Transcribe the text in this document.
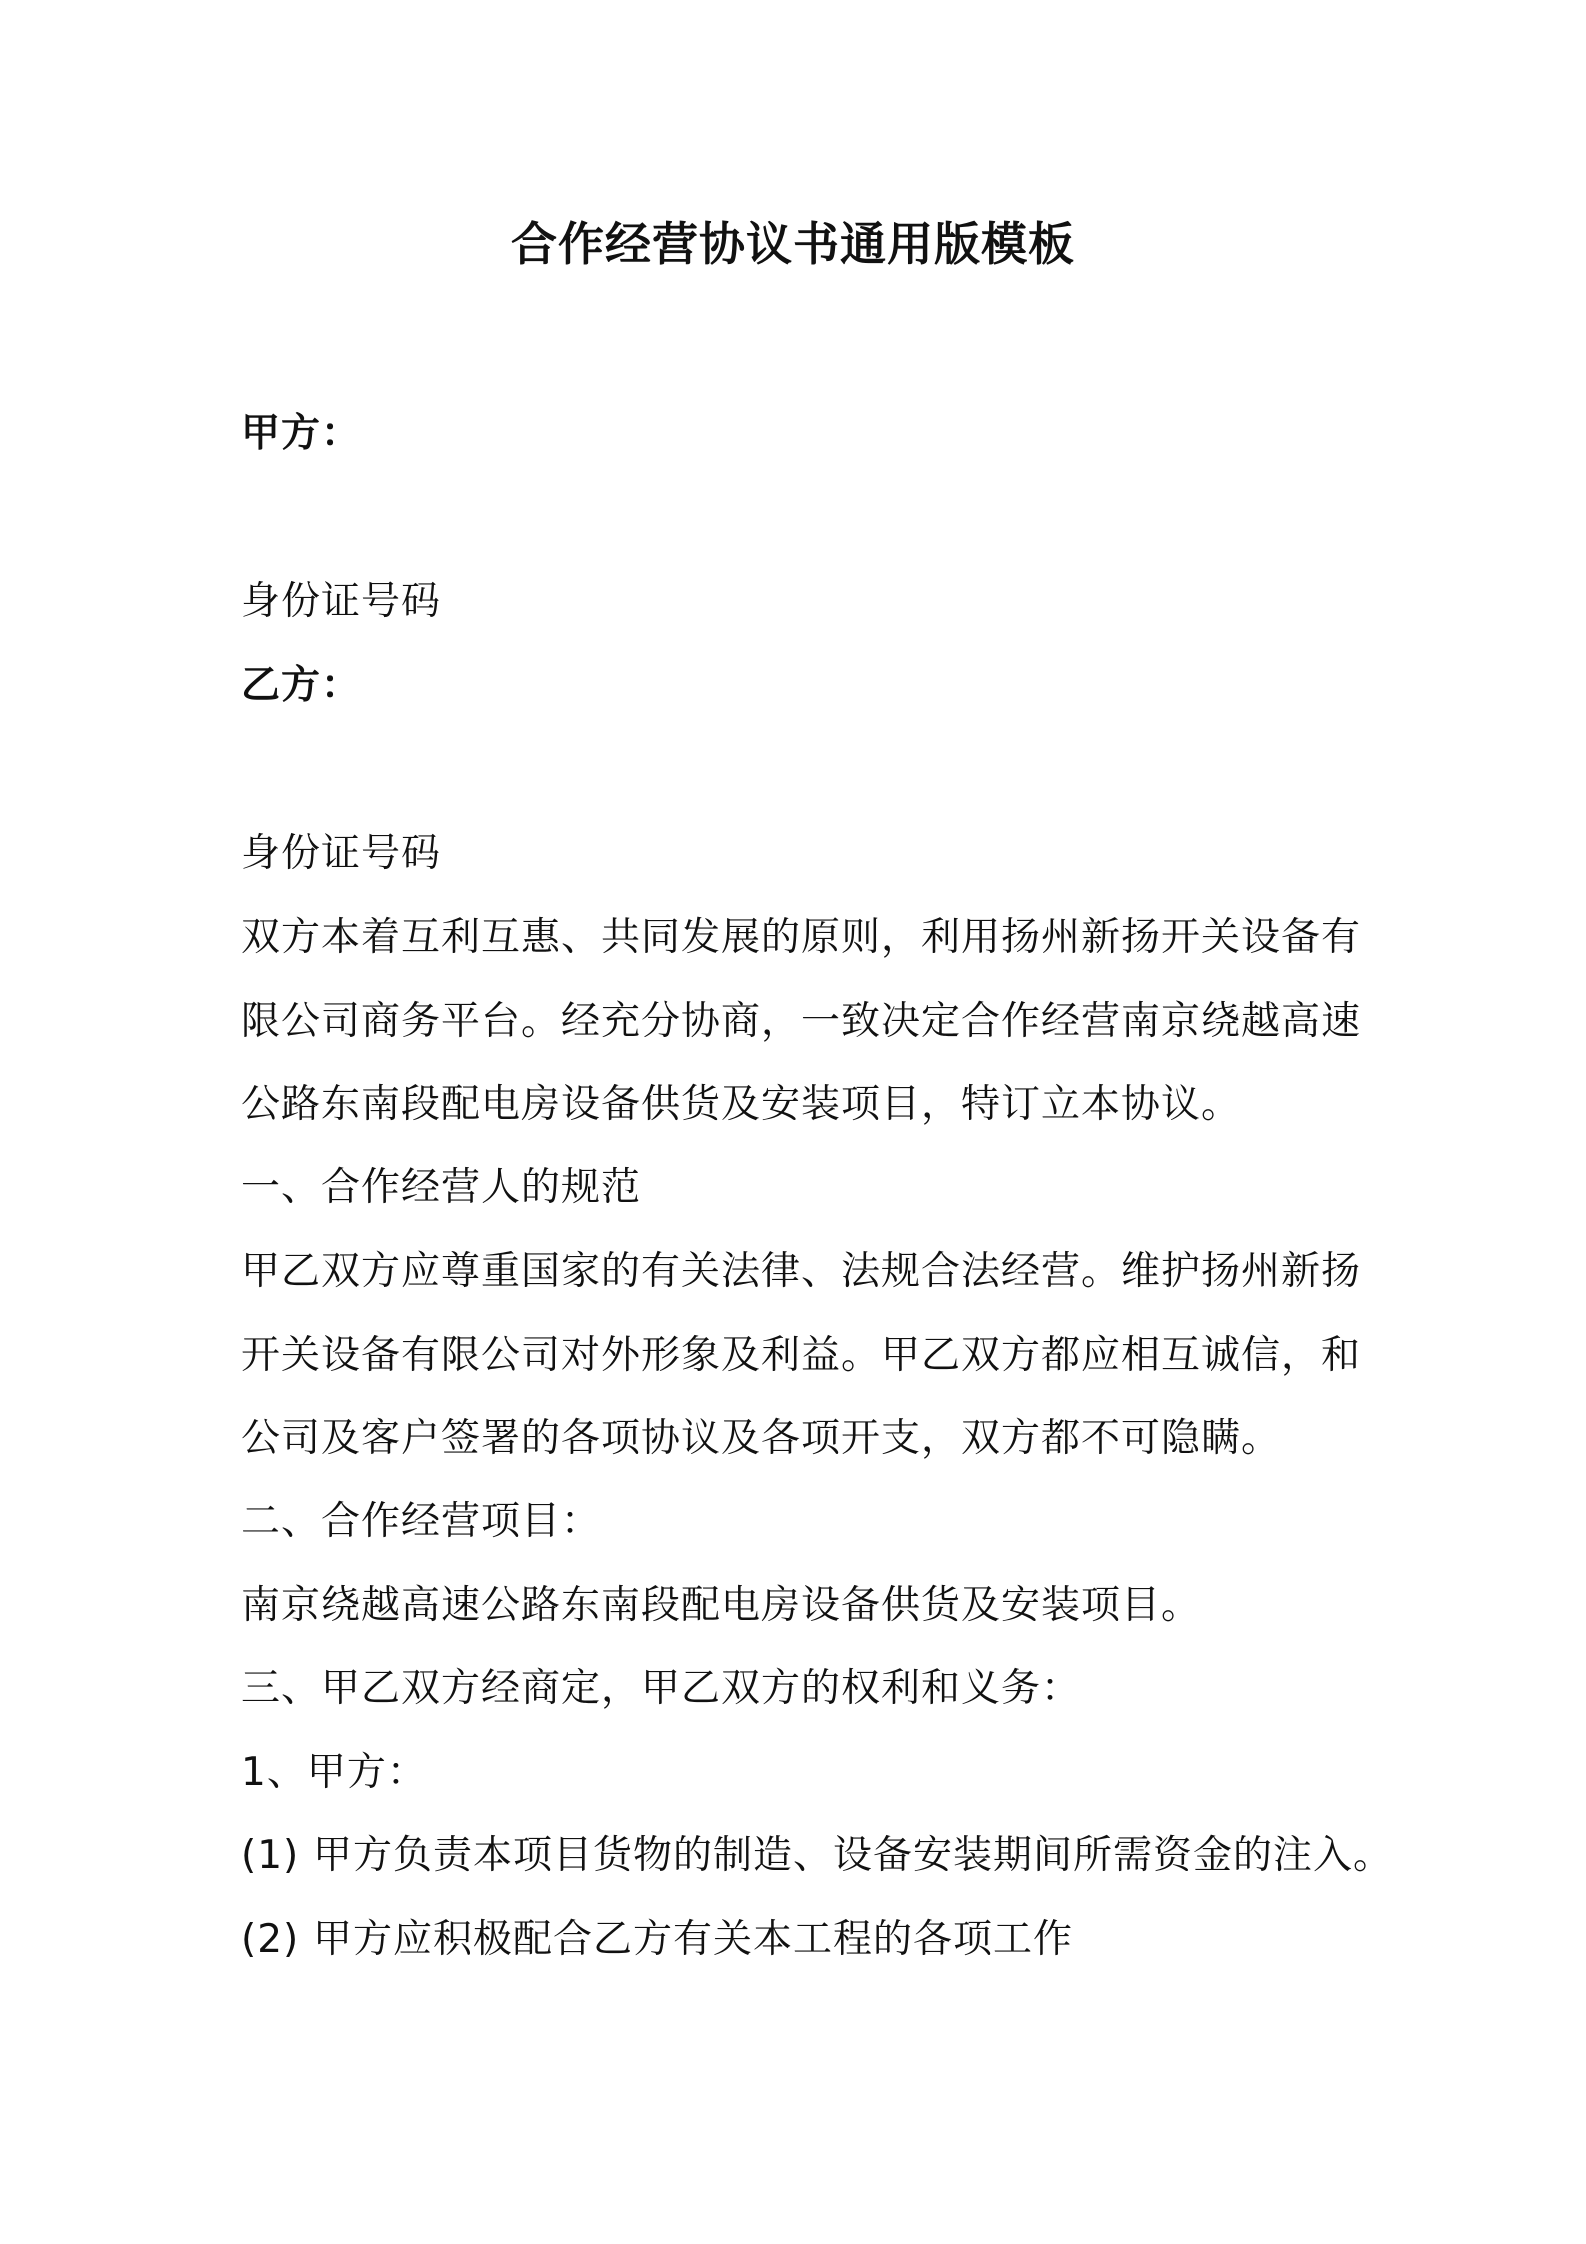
合作经营协议书通用版模板
甲方：
身份证号码
乙方：
身份证号码
双方本着互利互惠、共同发展的原则，利用扬州新扬开关设备有
限公司商务平台。经充分协商，一致决定合作经营南京绕越高速
公路东南段配电房设备供货及安装项目，特订立本协议。
一、合作经营人的规范
甲乙双方应尊重国家的有关法律、法规合法经营。维护扬州新扬
开关设备有限公司对外形象及利益。甲乙双方都应相互诚信，和
公司及客户签署的各项协议及各项开支，双方都不可隐瞒。
二、合作经营项目：
南京绕越高速公路东南段配电房设备供货及安装项目。
三、甲乙双方经商定，甲乙双方的权利和义务：
1、甲方：
(1) 甲方负责本项目货物的制造、设备安装期间所需资金的注入。
(2) 甲方应积极配合乙方有关本工程的各项工作
